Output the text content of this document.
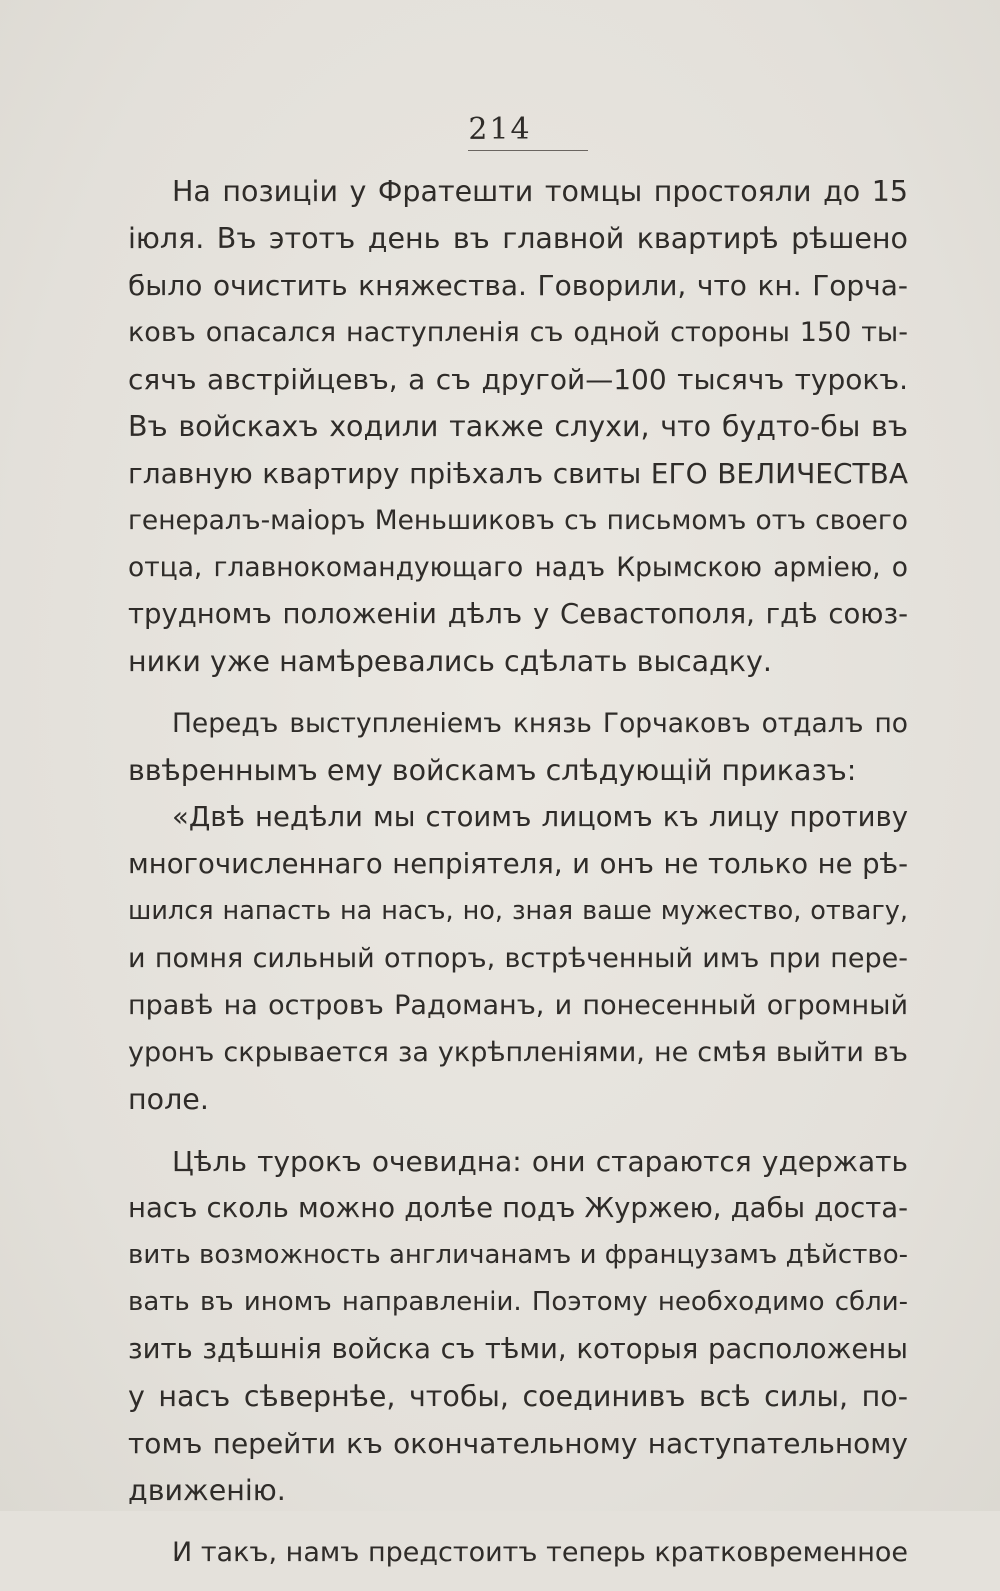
214
На позиціи у Фратешти томцы простояли до 15
іюля. Въ этотъ день въ главной квартирѣ рѣшено
было очистить княжества. Говорили, что кн. Горча-
ковъ опасался наступленія съ одной стороны 150 ты-
сячъ австрійцевъ, а съ другой—100 тысячъ турокъ.
Въ войскахъ ходили также слухи, что будто-бы въ
главную квартиру пріѣхалъ свиты ЕГО ВЕЛИЧЕСТВА
генералъ-маіоръ Меньшиковъ съ письмомъ отъ своего
отца, главнокомандующаго надъ Крымскою арміею, о
трудномъ положеніи дѣлъ у Севастополя, гдѣ союз-
ники уже намѣревались сдѣлать высадку.
Передъ выступленіемъ князь Горчаковъ отдалъ по
ввѣреннымъ ему войскамъ слѣдующій приказъ:
«Двѣ недѣли мы стоимъ лицомъ къ лицу противу
многочисленнаго непріятеля, и онъ не только не рѣ-
шился напасть на насъ, но, зная ваше мужество, отвагу,
и помня сильный отпоръ, встрѣченный имъ при пере-
правѣ на островъ Радоманъ, и понесенный огромный
уронъ скрывается за укрѣпленіями, не смѣя выйти въ
поле.
Цѣль турокъ очевидна: они стараются удержать
насъ сколь можно долѣе подъ Журжею, дабы доста-
вить возможность англичанамъ и французамъ дѣйство-
вать въ иномъ направленіи. Поэтому необходимо сбли-
зить здѣшнія войска съ тѣми, которыя расположены
у насъ сѣвернѣе, чтобы, соединивъ всѣ силы, по-
томъ перейти къ окончательному наступательному
движенію.
И такъ, намъ предстоитъ теперь кратковременное
